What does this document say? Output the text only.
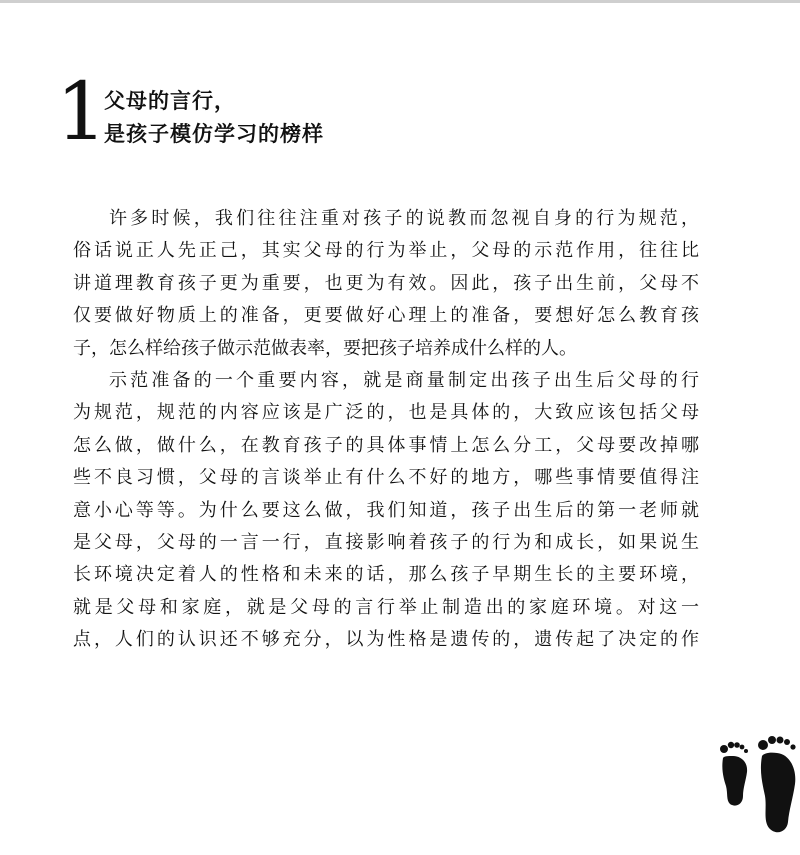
1
父母的言行，
是孩子模仿学习的榜样
许多时候，我们往往注重对孩子的说教而忽视自身的行为规范，
俗话说正人先正己，其实父母的行为举止，父母的示范作用，往往比
讲道理教育孩子更为重要，也更为有效。因此，孩子出生前，父母不
仅要做好物质上的准备，更要做好心理上的准备，要想好怎么教育孩
子，怎么样给孩子做示范做表率，要把孩子培养成什么样的人。
示范准备的一个重要内容，就是商量制定出孩子出生后父母的行
为规范，规范的内容应该是广泛的，也是具体的，大致应该包括父母
怎么做，做什么，在教育孩子的具体事情上怎么分工，父母要改掉哪
些不良习惯，父母的言谈举止有什么不好的地方，哪些事情要值得注
意小心等等。为什么要这么做，我们知道，孩子出生后的第一老师就
是父母，父母的一言一行，直接影响着孩子的行为和成长，如果说生
长环境决定着人的性格和未来的话，那么孩子早期生长的主要环境，
就是父母和家庭，就是父母的言行举止制造出的家庭环境。对这一
点，人们的认识还不够充分，以为性格是遗传的，遗传起了决定的作
